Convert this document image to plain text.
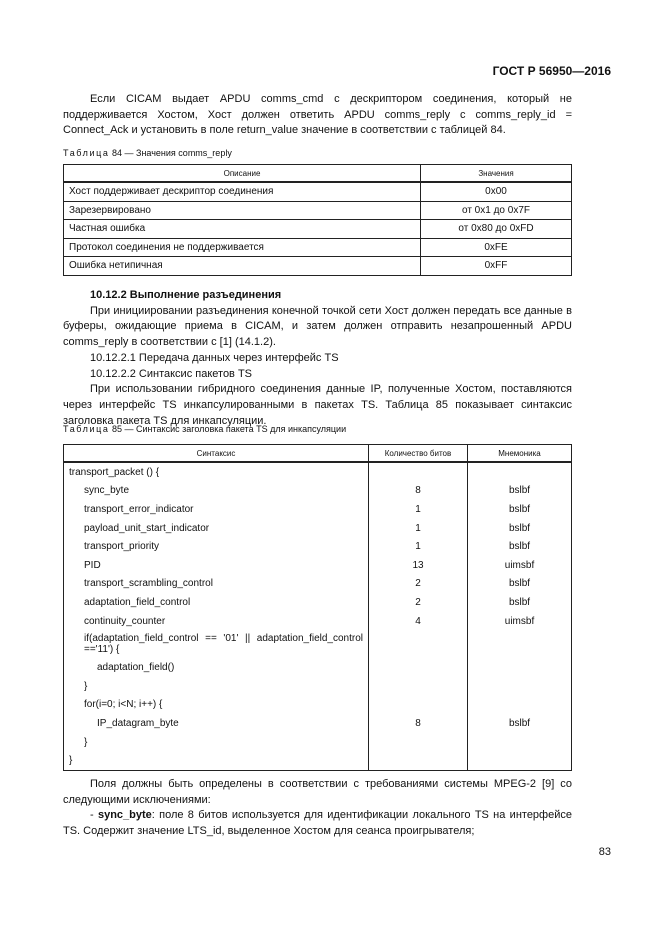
ГОСТ Р 56950—2016
Если CICAM выдает APDU comms_cmd с дескриптором соединения, который не поддерживается Хостом, Хост должен ответить APDU comms_reply с comms_reply_id = Connect_Ack и установить в поле return_value значение в соответствии с таблицей 84.
Таблица 84 — Значения comms_reply
Описание	Значения
Хост поддерживает дескриптор соединения	0x00
Зарезервировано	от 0x1 до 0x7F
Частная ошибка	от 0x80 до 0xFD
Протокол соединения не поддерживается	0xFE
Ошибка нетипичная	0xFF
10.12.2 Выполнение разъединения
При инициировании разъединения конечной точкой сети Хост должен передать все данные в буферы, ожидающие приема в CICAM, и затем должен отправить незапрошенный APDU comms_reply в соответствии с [1] (14.1.2).
10.12.2.1 Передача данных через интерфейс TS
10.12.2.2 Синтаксис пакетов TS
При использовании гибридного соединения данные IP, полученные Хостом, поставляются через интерфейс TS инкапсулированными в пакетах TS. Таблица 85 показывает синтаксис заголовка пакета TS для инкапсуляции.
Таблица 85 — Синтаксис заголовка пакета TS для инкапсуляции
Синтаксис	Количество битов	Мнемоника
transport_packet () {		
sync_byte	8	bslbf
transport_error_indicator	1	bslbf
payload_unit_start_indicator	1	bslbf
transport_priority	1	bslbf
PID	13	uimsbf
transport_scrambling_control	2	bslbf
adaptation_field_control	2	bslbf
continuity_counter	4	uimsbf
if(adaptation_field_control == '01' || adaptation_field_control =='11') {		
adaptation_field()		
}		
for(i=0; i<N; i++) {		
IP_datagram_byte	8	bslbf
}		
}		
Поля должны быть определены в соответствии с требованиями системы MPEG-2 [9] со следующими исключениями:
- sync_byte: поле 8 битов используется для идентификации локального TS на интерфейсе TS. Содержит значение LTS_id, выделенное Хостом для сеанса проигрывателя;
83
